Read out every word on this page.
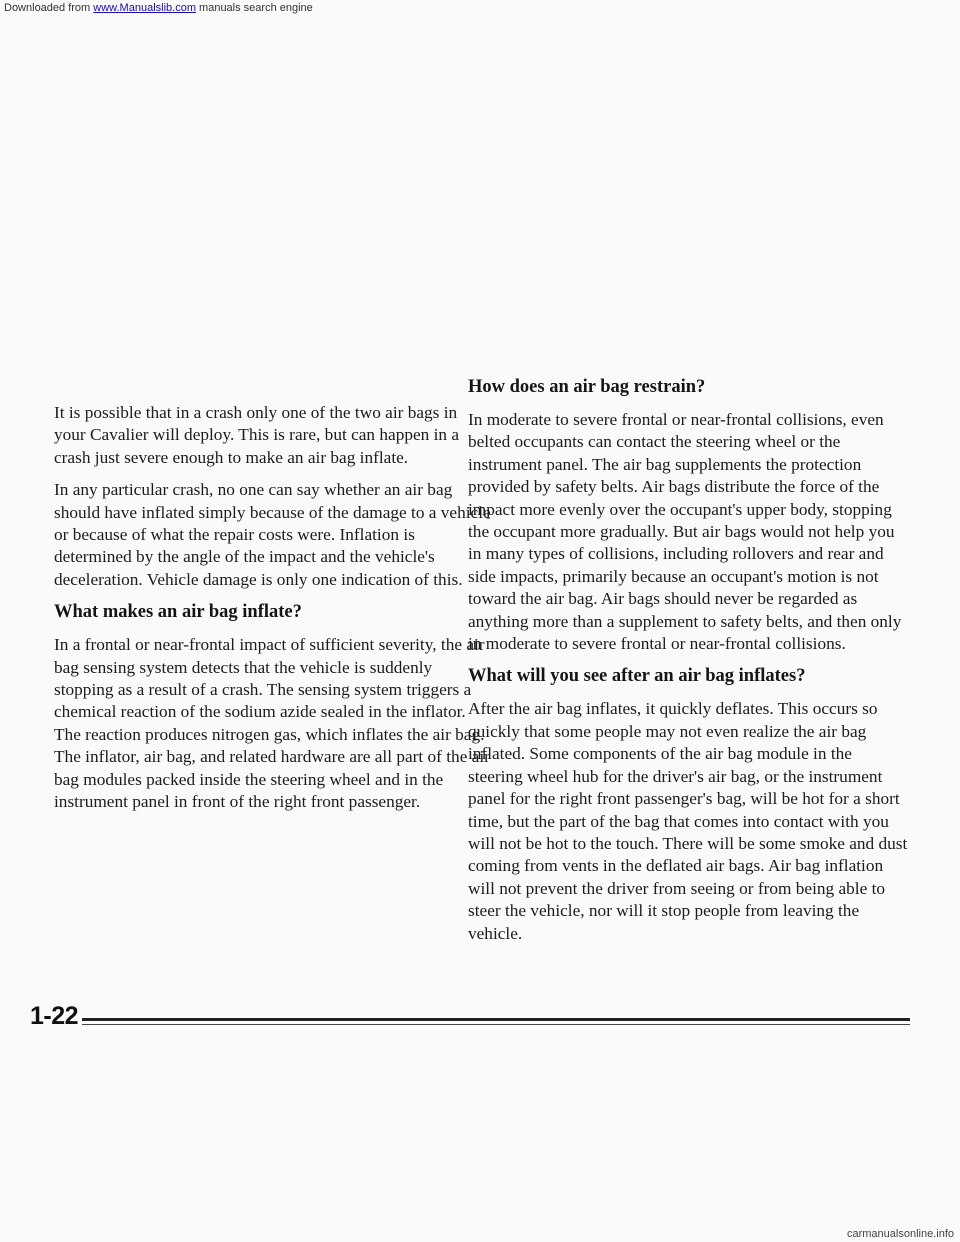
Downloaded from www.Manualslib.com manuals search engine

It is possible that in a crash only one of the two air bags in your Cavalier will deploy. This is rare, but can happen in a crash just severe enough to make an air bag inflate.

In any particular crash, no one can say whether an air bag should have inflated simply because of the damage to a vehicle or because of what the repair costs were. Inflation is determined by the angle of the impact and the vehicle's deceleration. Vehicle damage is only one indication of this.

What makes an air bag inflate?

In a frontal or near-frontal impact of sufficient severity, the air bag sensing system detects that the vehicle is suddenly stopping as a result of a crash. The sensing system triggers a chemical reaction of the sodium azide sealed in the inflator. The reaction produces nitrogen gas, which inflates the air bag. The inflator, air bag, and related hardware are all part of the air bag modules packed inside the steering wheel and in the instrument panel in front of the right front passenger.

How does an air bag restrain?

In moderate to severe frontal or near-frontal collisions, even belted occupants can contact the steering wheel or the instrument panel. The air bag supplements the protection provided by safety belts. Air bags distribute the force of the impact more evenly over the occupant's upper body, stopping the occupant more gradually. But air bags would not help you in many types of collisions, including rollovers and rear and side impacts, primarily because an occupant's motion is not toward the air bag. Air bags should never be regarded as anything more than a supplement to safety belts, and then only in moderate to severe frontal or near-frontal collisions.

What will you see after an air bag inflates?

After the air bag inflates, it quickly deflates. This occurs so quickly that some people may not even realize the air bag inflated. Some components of the air bag module in the steering wheel hub for the driver's air bag, or the instrument panel for the right front passenger's bag, will be hot for a short time, but the part of the bag that comes into contact with you will not be hot to the touch. There will be some smoke and dust coming from vents in the deflated air bags. Air bag inflation will not prevent the driver from seeing or from being able to steer the vehicle, nor will it stop people from leaving the vehicle.

1-22
carmanualsonline.info
